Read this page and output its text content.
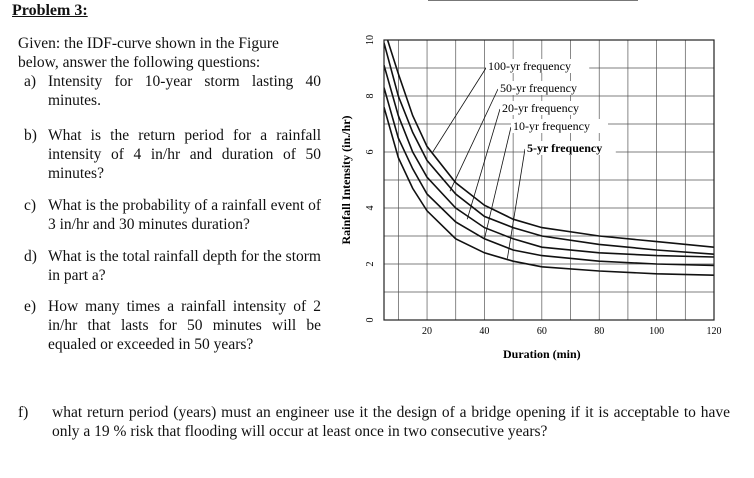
Problem 3:
Given: the IDF-curve shown in the Figure below, answer the following questions:
a) Intensity for 10-year storm lasting 40 minutes.
b) What is the return period for a rainfall intensity of 4 in/hr and duration of 50 minutes?
c) What is the probability of a rainfall event of 3 in/hr and 30 minutes duration?
d) What is the total rainfall depth for the storm in part a?
e) How many times a rainfall intensity of 2 in/hr that lasts for 50 minutes will be equaled or exceeded in 50 years?
f)	what return period (years) must an engineer use it the design of a bridge opening if it is acceptable to have only a 19 % risk that flooding will occur at least once in two consecutive years?
20	40	60	80	100	120
0
2
4
6
8
10
100-yr frequency
50-yr frequency
20-yr frequency
10-yr frequency
5-yr frequency
Rainfall Intensity (in./hr)
Duration (min)
